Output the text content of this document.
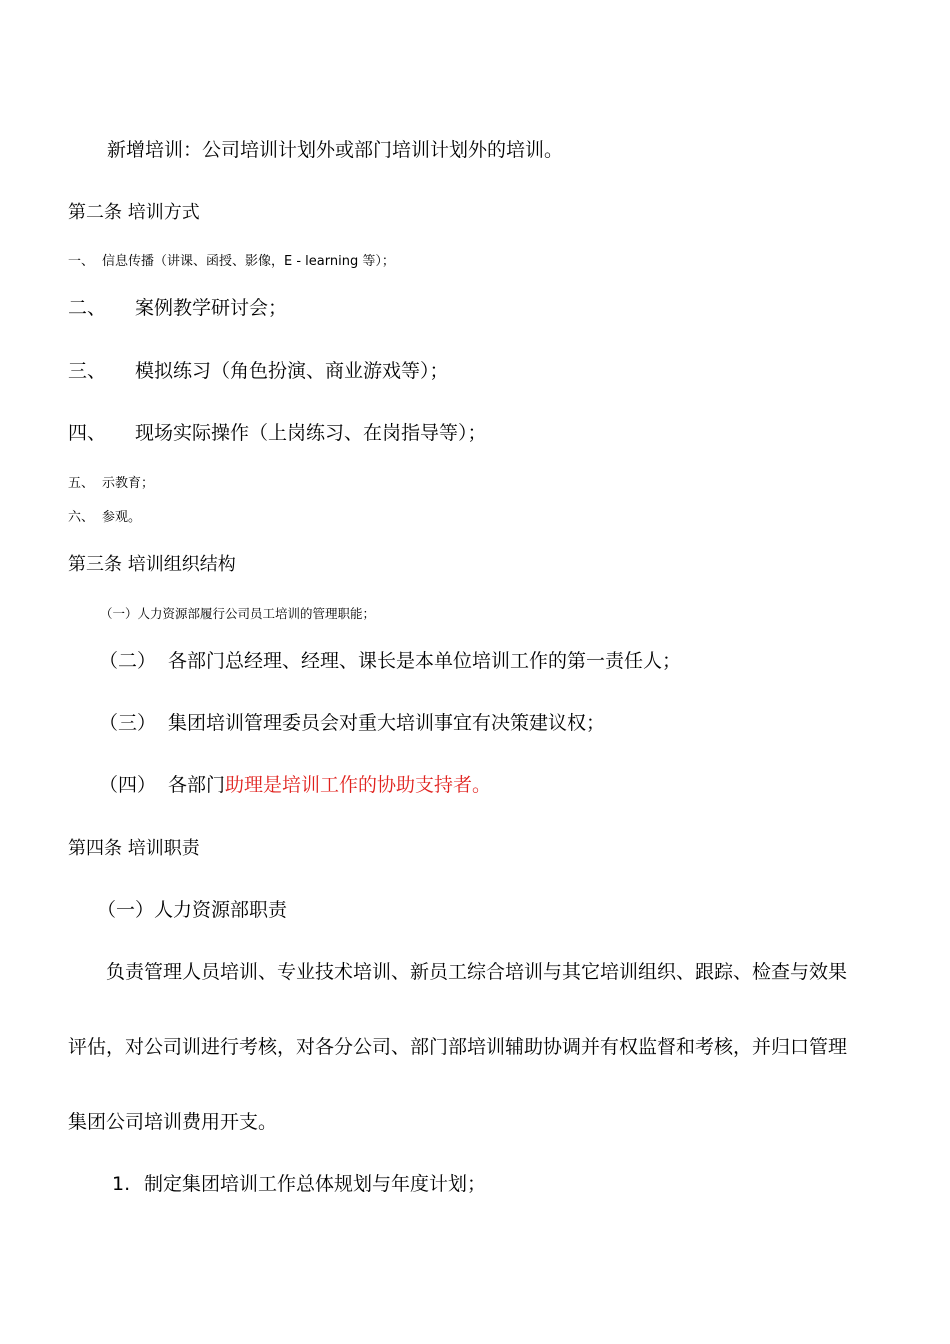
新增培训：公司培训计划外或部门培训计划外的培训。
第二条 培训方式
一、 信息传播（讲课、函授、影像，E - learning 等）；
二、 案例教学研讨会；
三、 模拟练习（角色扮演、商业游戏等）；
四、 现场实际操作（上岗练习、在岗指导等）；
五、 示教育；
六、 参观。
第三条 培训组织结构
（一）人力资源部履行公司员工培训的管理职能；
（二） 各部门总经理、经理、课长是本单位培训工作的第一责任人；
（三） 集团培训管理委员会对重大培训事宜有决策建议权；
（四） 各部门助理是培训工作的协助支持者。
第四条 培训职责
（一）人力资源部职责
负责管理人员培训、专业技术培训、新员工综合培训与其它培训组织、跟踪、检查与效果
评估，对公司训进行考核，对各分公司、部门部培训辅助协调并有权监督和考核，并归口管理
集团公司培训费用开支。
1. 制定集团培训工作总体规划与年度计划；
